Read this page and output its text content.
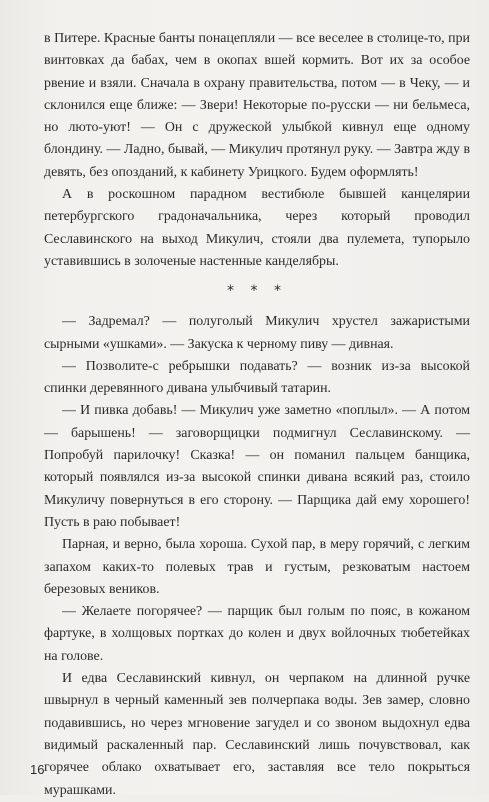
в Питере. Красные банты понацепляли — все веселее в столице-то, при винтовках да бабах, чем в окопах вшей кормить. Вот их за особое рвение и взяли. Сначала в охрану правительства, потом — в Чеку, — и склонился еще ближе: — Звери! Некоторые по-русски — ни бельмеса, но люто-уют! — Он с дружеской улыбкой кивнул еще одному блондину. — Ладно, бывай, — Микулич протянул руку. — Завтра жду в девять, без опозданий, к кабинету Урицкого. Будем оформлять!

А в роскошном парадном вестибюле бывшей канцелярии петербургского градоначальника, через который проводил Сеславинского на выход Микулич, стояли два пулемета, тупорыло уставившись в золоченые настенные канделябры.

* * *

— Задремал? — полуголый Микулич хрустел зажаристыми сырными «ушками». — Закуска к черному пиву — дивная.

— Позволите-с ребрышки подавать? — возник из-за высокой спинки деревянного дивана улыбчивый татарин.

— И пивка добавь! — Микулич уже заметно «поплыл». — А потом — барышень! — заговорщицки подмигнул Сеславинскому. — Попробуй парилочку! Сказка! — он поманил пальцем банщика, который появлялся из-за высокой спинки дивана всякий раз, стоило Микуличу повернуться в его сторону. — Парщика дай ему хорошего! Пусть в раю побывает!

Парная, и верно, была хороша. Сухой пар, в меру горячий, с легким запахом каких-то полевых трав и густым, резковатым настоем березовых веников.

— Желаете погорячее? — парщик был голым по пояс, в кожаном фартуке, в холщовых портках до колен и двух войлочных тюбетейках на голове.

И едва Сеславинский кивнул, он черпаком на длинной ручке швырнул в черный каменный зев полчерпака воды. Зев замер, словно подавившись, но через мгновение загудел и со звоном выдохнул едва видимый раскаленный пар. Сеславинский лишь почувствовал, как горячее облако охватывает его, заставляя все тело покрыться мурашками.

16
